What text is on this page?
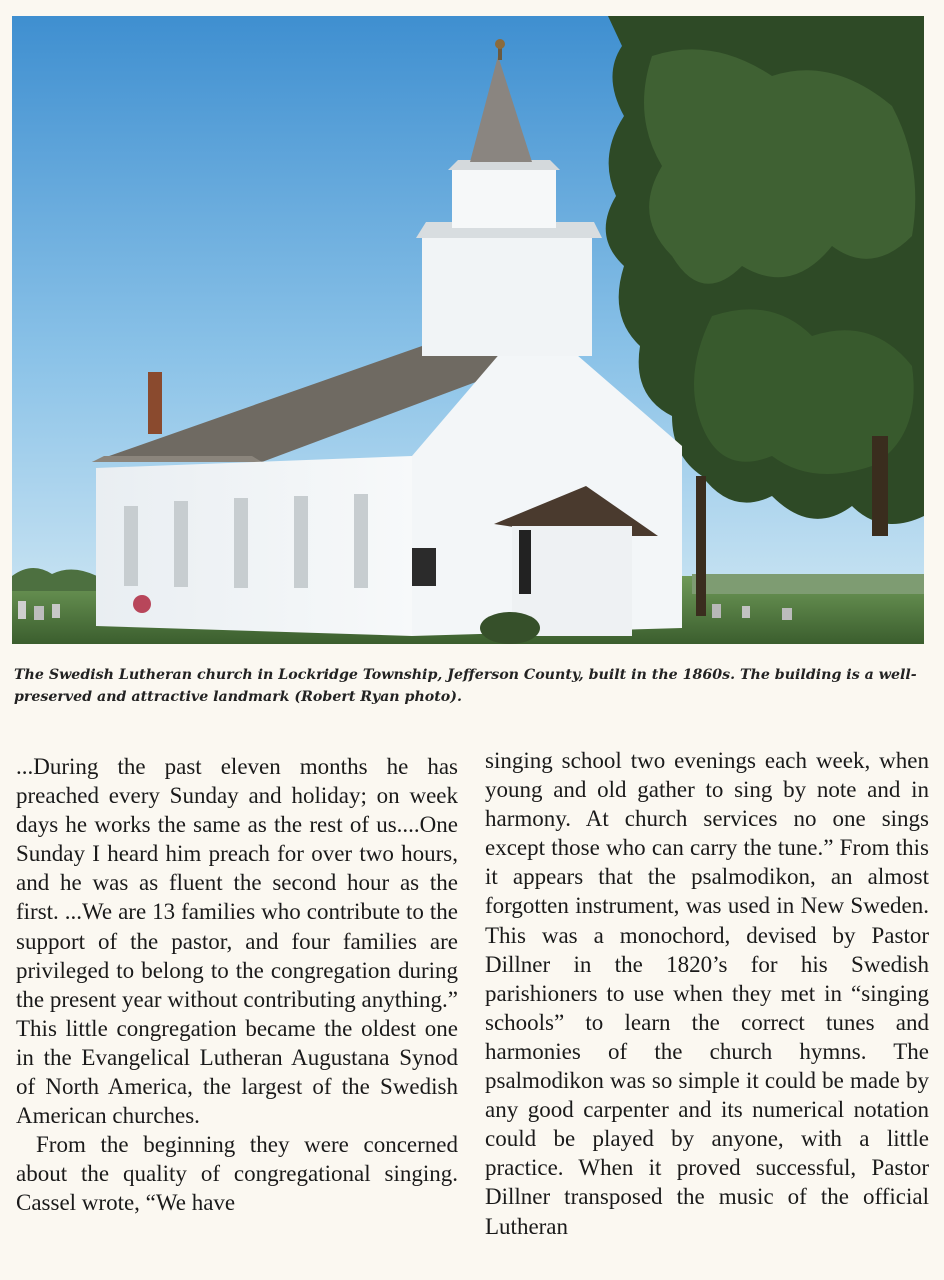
The Swedish Lutheran church in Lockridge Township, Jefferson County, built in the 1860s. The building is a well-preserved and attractive landmark (Robert Ryan photo).

...During the past eleven months he has preached every Sunday and holiday; on week days he works the same as the rest of us....One Sunday I heard him preach for over two hours, and he was as fluent the second hour as the first. ...We are 13 families who contribute to the support of the pastor, and four families are privileged to belong to the congregation during the present year without contributing anything.” This little congregation became the oldest one in the Evangelical Lutheran Augustana Synod of North America, the largest of the Swedish American churches.

From the beginning they were concerned about the quality of congregational singing. Cassel wrote, “We have

singing school two evenings each week, when young and old gather to sing by note and in harmony. At church services no one sings except those who can carry the tune.” From this it appears that the psalmodikon, an almost forgotten instrument, was used in New Sweden. This was a monochord, devised by Pastor Dillner in the 1820’s for his Swedish parishioners to use when they met in “singing schools” to learn the correct tunes and harmonies of the church hymns. The psalmodikon was so simple it could be made by any good carpenter and its numerical notation could be played by anyone, with a little practice. When it proved successful, Pastor Dillner transposed the music of the official Lutheran
